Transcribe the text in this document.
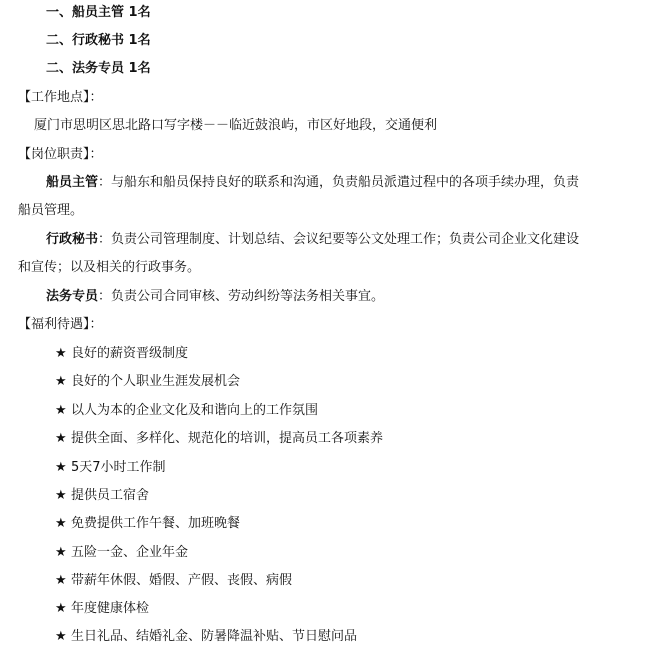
一、船员主管 1名
二、行政秘书 1名
二、法务专员 1名
【工作地点】：
厦门市思明区思北路口写字楼－－临近鼓浪屿，市区好地段，交通便利
【岗位职责】：
船员主管：与船东和船员保持良好的联系和沟通，负责船员派遣过程中的各项手续办理，负责
船员管理。
行政秘书：负责公司管理制度、计划总结、会议纪要等公文处理工作；负责公司企业文化建设
和宣传；以及相关的行政事务。
法务专员：负责公司合同审核、劳动纠纷等法务相关事宜。
【福利待遇】：
★ 良好的薪资晋级制度
★ 良好的个人职业生涯发展机会
★ 以人为本的企业文化及和谐向上的工作氛围
★ 提供全面、多样化、规范化的培训，提高员工各项素养
★ 5天7小时工作制
★ 提供员工宿舍
★ 免费提供工作午餐、加班晚餐
★ 五险一金、企业年金
★ 带薪年休假、婚假、产假、丧假、病假
★ 年度健康体检
★ 生日礼品、结婚礼金、防暑降温补贴、节日慰问品
